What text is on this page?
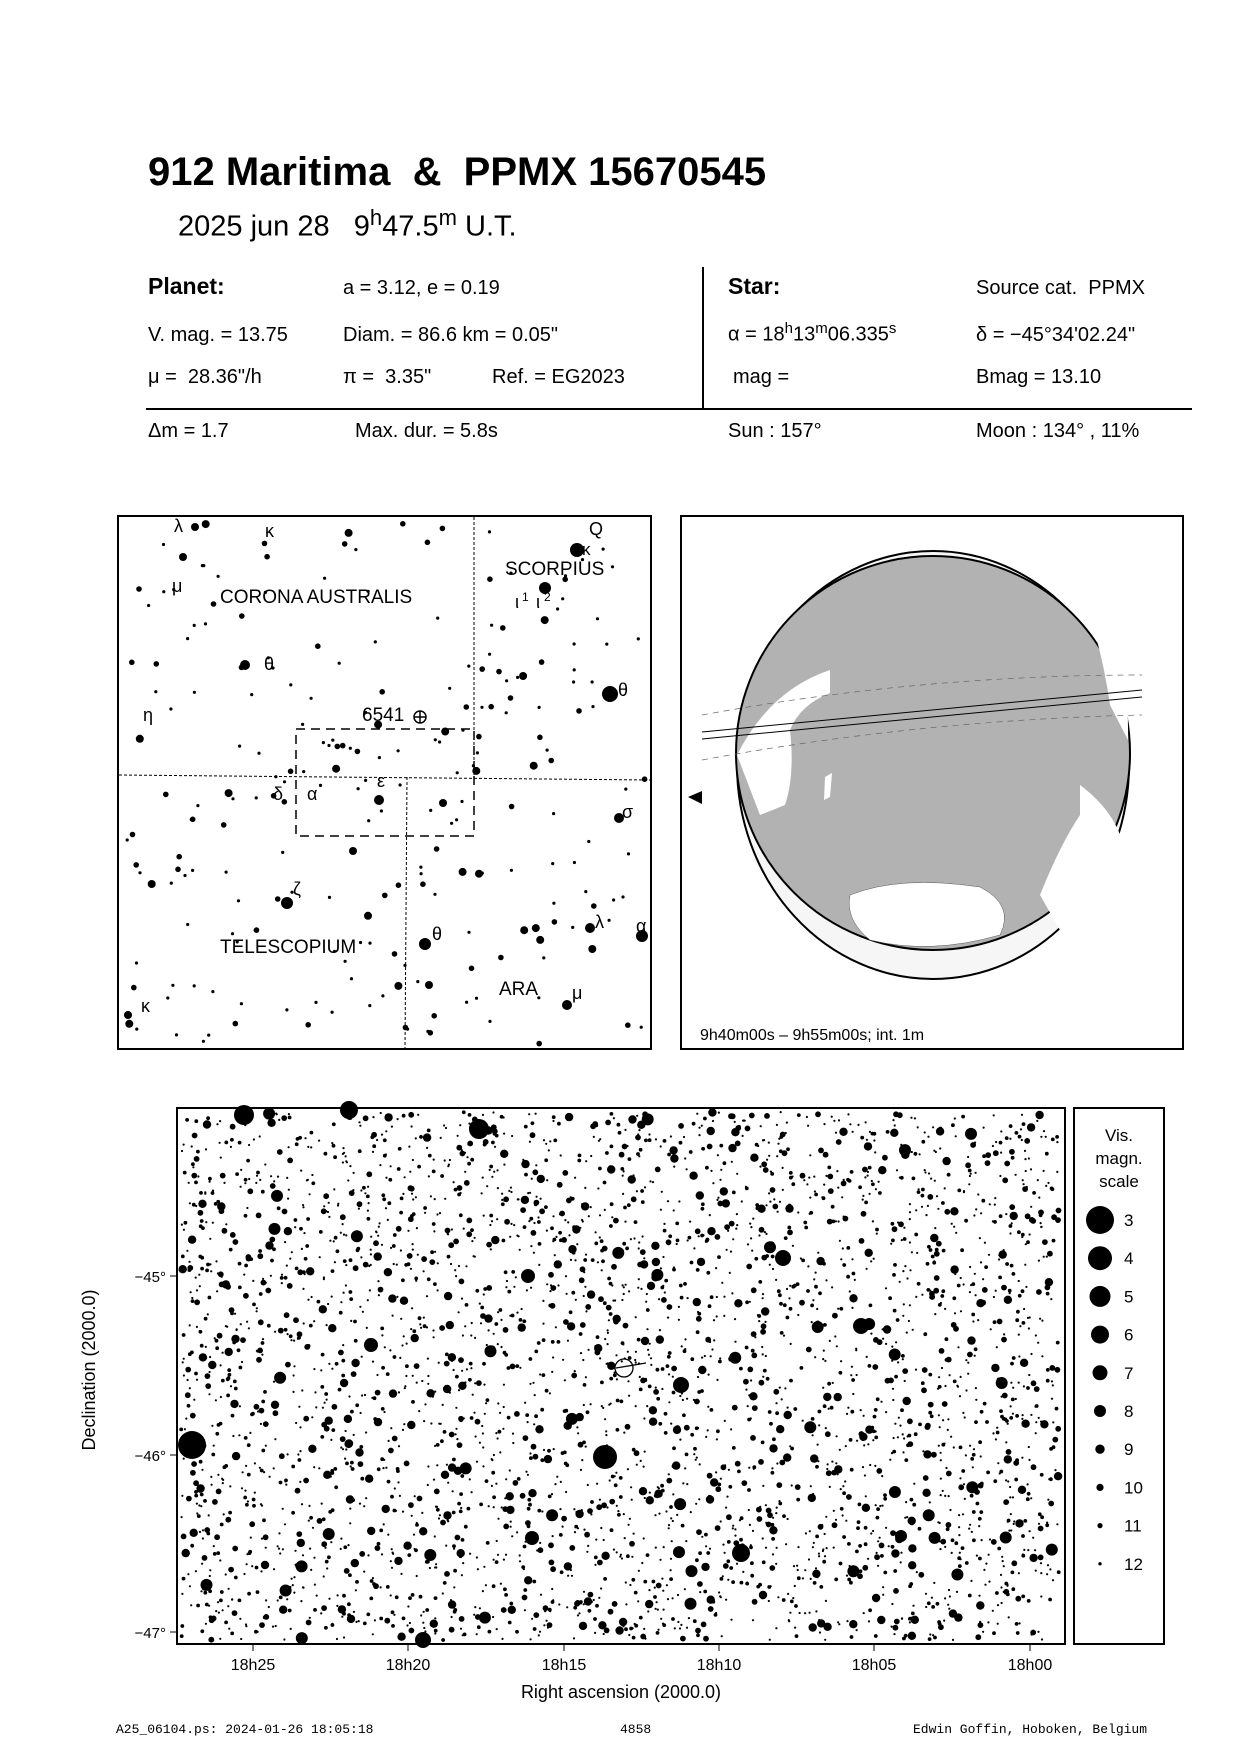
912 Maritima  &  PPMX 15670545
2025 jun 28 9$^h$47.5$^m$ U.T.
Planet:	a = 3.12, e = 0.19
V. mag. = 13.75	Diam. = 86.6 km = 0.05"
μ =  28.36"/h	π =  3.35"	Ref. = EG2023
Star:	Source cat.  PPMX
$\alpha = 18^h13^m06.335^s$	δ = −45°34'02.24"
mag =	Bmag = 13.10
Δm = 1.7	Max. dur. = 5.8s	Sun : 157°	Moon : 134° , 11%
6541
CORONA AUSTRALIS
SCORPIUS
TELESCOPIUM
ARA
λ	κ
μ
θ
η
δ α
ε
ζ
θ
κ
Q
κ
ι 1 ι 2
θ
σ
λ α
μ
9h40m00s – 9h55m00s; int. 1m
−45°
−46°
−47°
18h25	18h20	18h15	18h10	18h05	18h00
Right ascension (2000.0)
Declination (2000.0)
Vis.
magn.
scale
3
4
5
6
7
8
9
10
11
12
A25_06104.ps: 2024-01-26 18:05:18	4858	Edwin Goffin, Hoboken, Belgium
